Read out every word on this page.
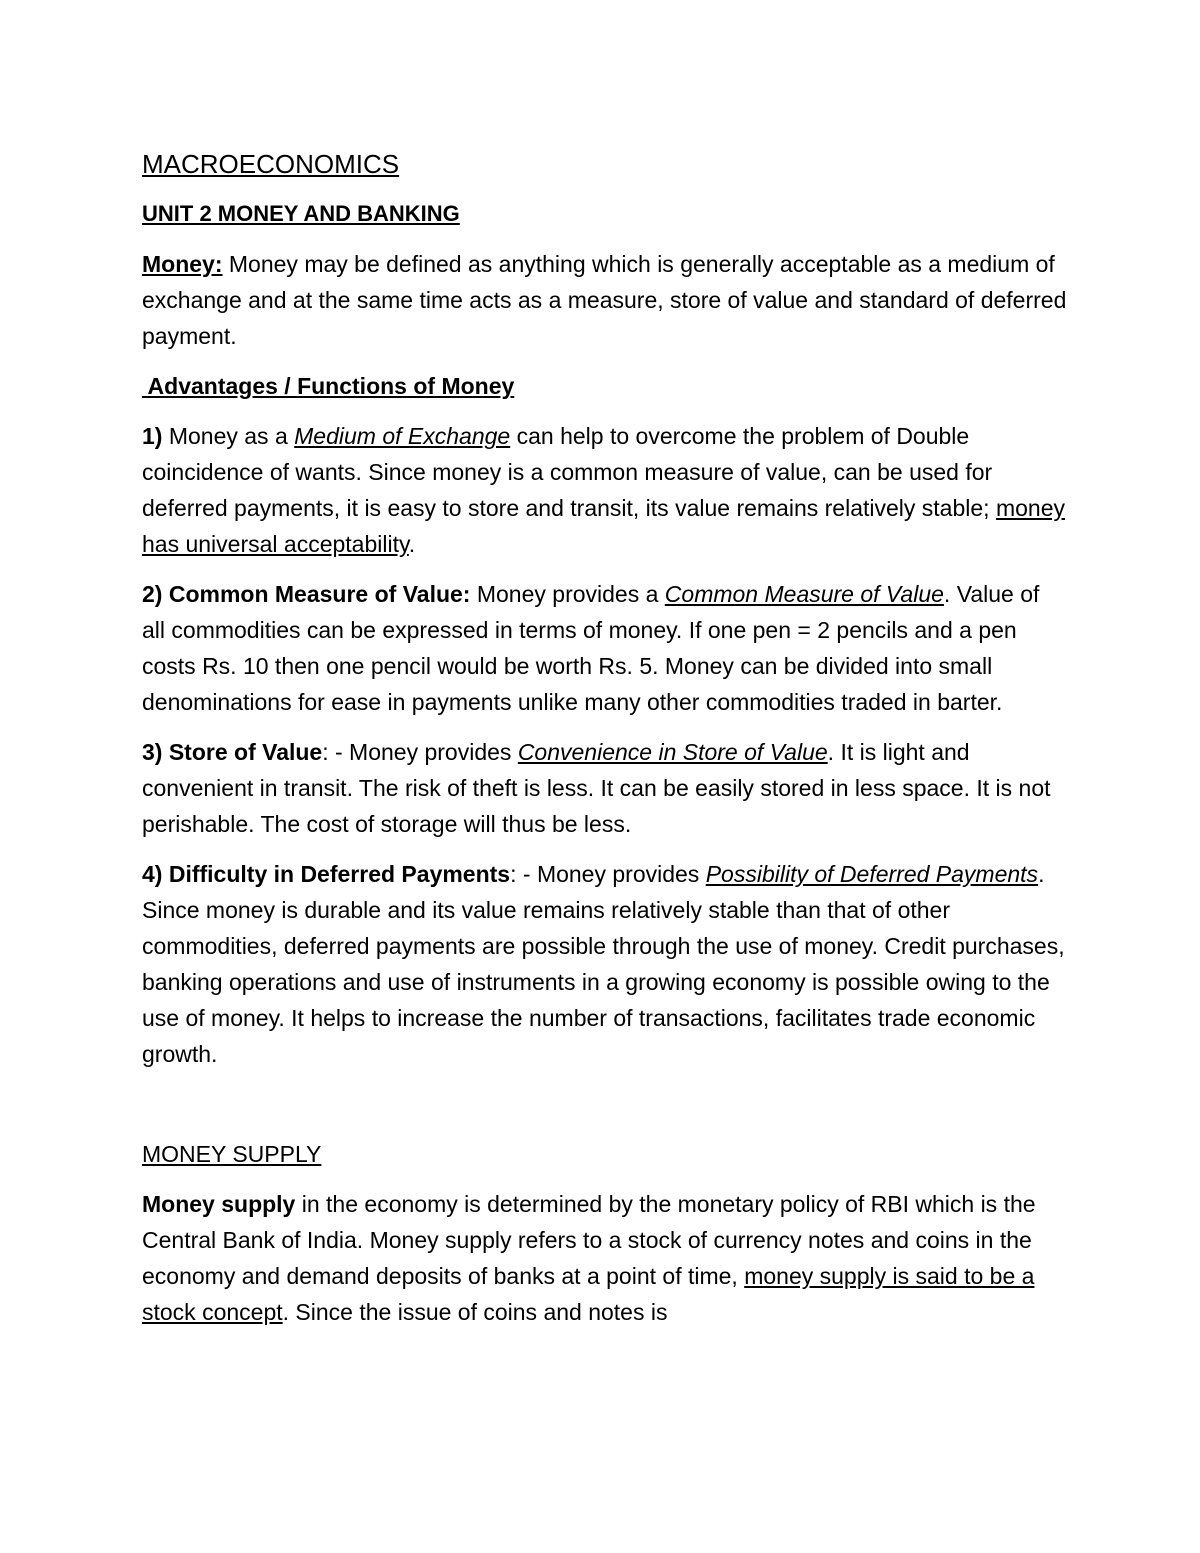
MACROECONOMICS
UNIT 2 MONEY AND BANKING

Money: Money may be defined as anything which is generally acceptable as a medium of exchange and at the same time acts as a measure, store of value and standard of deferred payment.

Advantages / Functions of Money

1) Money as a Medium of Exchange can help to overcome the problem of Double coincidence of wants. Since money is a common measure of value, can be used for deferred payments, it is easy to store and transit, its value remains relatively stable; money has universal acceptability.

2) Common Measure of Value: Money provides a Common Measure of Value. Value of all commodities can be expressed in terms of money. If one pen = 2 pencils and a pen costs Rs. 10 then one pencil would be worth Rs. 5. Money can be divided into small denominations for ease in payments unlike many other commodities traded in barter.

3) Store of Value: - Money provides Convenience in Store of Value. It is light and convenient in transit. The risk of theft is less. It can be easily stored in less space. It is not perishable. The cost of storage will thus be less.

4) Difficulty in Deferred Payments: - Money provides Possibility of Deferred Payments. Since money is durable and its value remains relatively stable than that of other commodities, deferred payments are possible through the use of money. Credit purchases, banking operations and use of instruments in a growing economy is possible owing to the use of money. It helps to increase the number of transactions, facilitates trade economic growth.

MONEY SUPPLY

Money supply in the economy is determined by the monetary policy of RBI which is the Central Bank of India. Money supply refers to a stock of currency notes and coins in the economy and demand deposits of banks at a point of time, money supply is said to be a stock concept. Since the issue of coins and notes is
